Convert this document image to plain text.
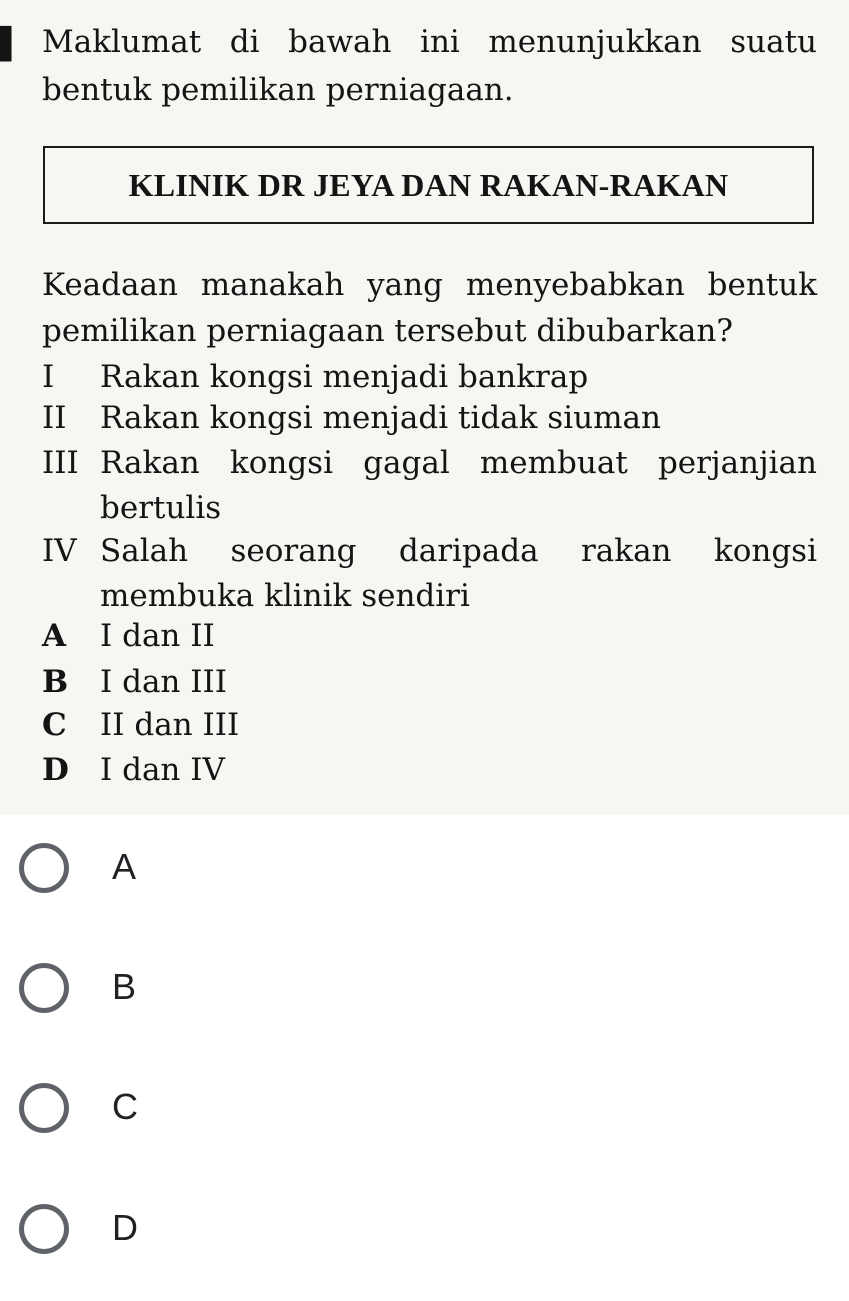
▌ Maklumat di bawah ini menunjukkan suatu
bentuk pemilikan perniagaan.
KLINIK DR JEYA DAN RAKAN-RAKAN
Keadaan manakah yang menyebabkan bentuk
pemilikan perniagaan tersebut dibubarkan?
I Rakan kongsi menjadi bankrap
II Rakan kongsi menjadi tidak siuman
III Rakan kongsi gagal membuat perjanjian
bertulis
IV Salah seorang daripada rakan kongsi
membuka klinik sendiri
A I dan II
B I dan III
C II dan III
D I dan IV
A
B
C
D
